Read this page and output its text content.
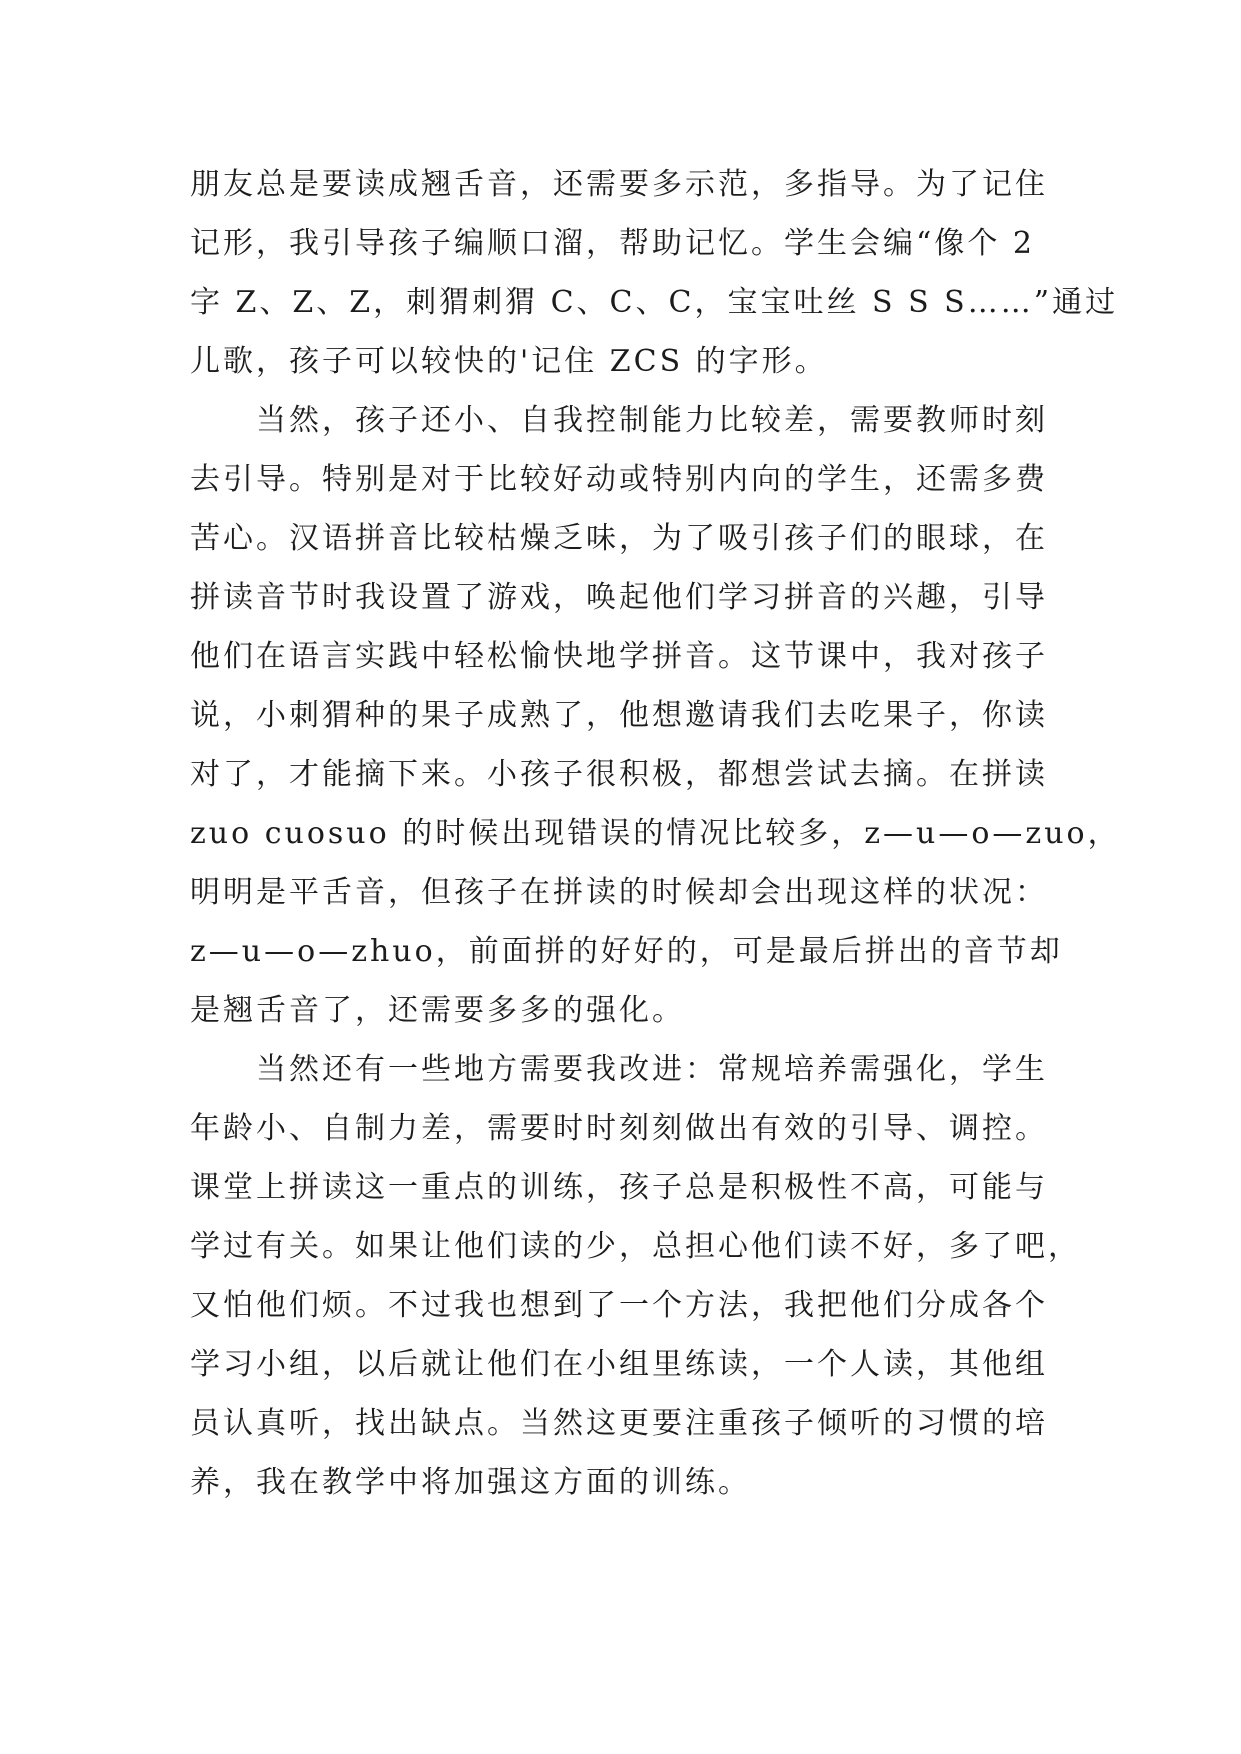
朋友总是要读成翘舌音，还需要多示范，多指导。为了记住
记形，我引导孩子编顺口溜，帮助记忆。学生会编“像个 2
字 Z、Z、Z，刺猬刺猬 C、C、C，宝宝吐丝 S S S……”通过
儿歌，孩子可以较快的'记住 ZCS 的字形。

　　当然，孩子还小、自我控制能力比较差，需要教师时刻
去引导。特别是对于比较好动或特别内向的学生，还需多费
苦心。汉语拼音比较枯燥乏味，为了吸引孩子们的眼球，在
拼读音节时我设置了游戏，唤起他们学习拼音的兴趣，引导
他们在语言实践中轻松愉快地学拼音。这节课中，我对孩子
说，小刺猬种的果子成熟了，他想邀请我们去吃果子，你读
对了，才能摘下来。小孩子很积极，都想尝试去摘。在拼读
zuo cuosuo 的时候出现错误的情况比较多，z—u—o—zuo，
明明是平舌音，但孩子在拼读的时候却会出现这样的状况：
z—u—o—zhuo，前面拼的好好的，可是最后拼出的音节却
是翘舌音了，还需要多多的强化。

　　当然还有一些地方需要我改进：常规培养需强化，学生
年龄小、自制力差，需要时时刻刻做出有效的引导、调控。
课堂上拼读这一重点的训练，孩子总是积极性不高，可能与
学过有关。如果让他们读的少，总担心他们读不好，多了吧，
又怕他们烦。不过我也想到了一个方法，我把他们分成各个
学习小组，以后就让他们在小组里练读，一个人读，其他组
员认真听，找出缺点。当然这更要注重孩子倾听的习惯的培
养，我在教学中将加强这方面的训练。
